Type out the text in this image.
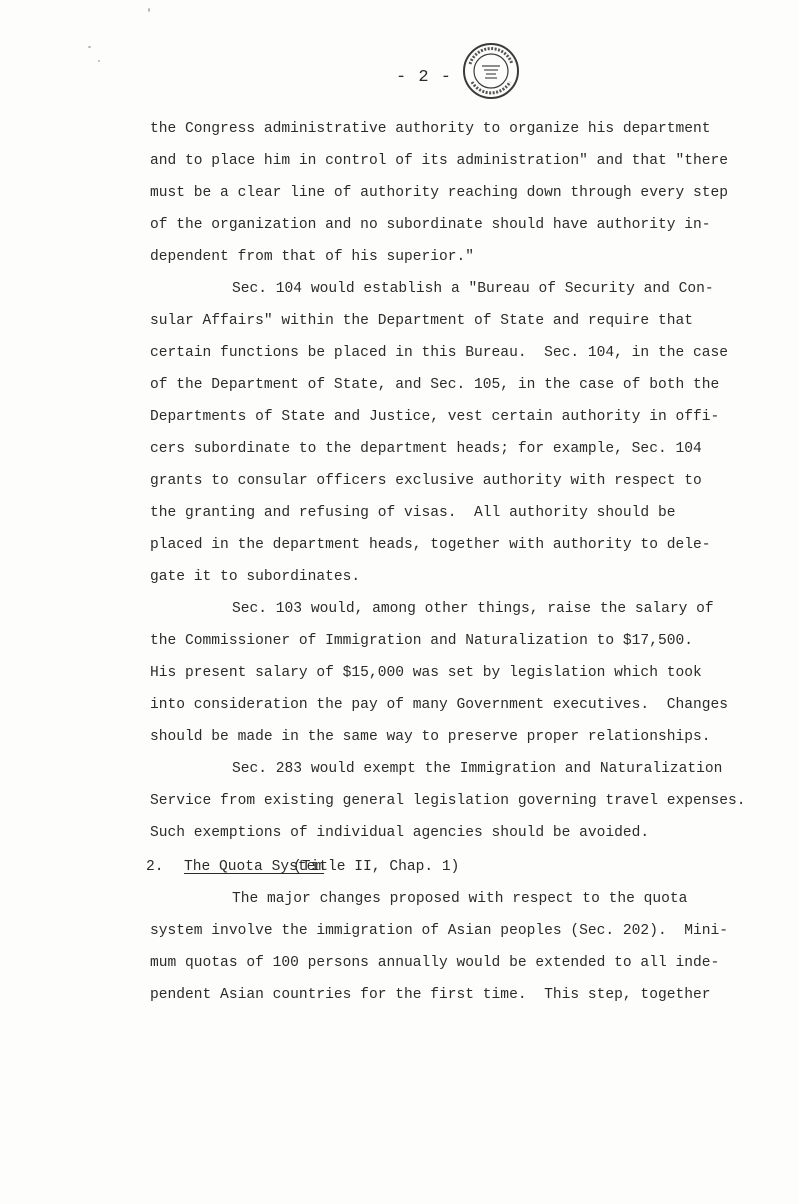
- 2 -
the Congress administrative authority to organize his department
and to place him in control of its administration" and that "there
must be a clear line of authority reaching down through every step
of the organization and no subordinate should have authority in-
dependent from that of his superior."
Sec. 104 would establish a "Bureau of Security and Con-
sular Affairs" within the Department of State and require that
certain functions be placed in this Bureau.  Sec. 104, in the case
of the Department of State, and Sec. 105, in the case of both the
Departments of State and Justice, vest certain authority in offi-
cers subordinate to the department heads; for example, Sec. 104
grants to consular officers exclusive authority with respect to
the granting and refusing of visas.  All authority should be
placed in the department heads, together with authority to dele-
gate it to subordinates.
Sec. 103 would, among other things, raise the salary of
the Commissioner of Immigration and Naturalization to $17,500.
His present salary of $15,000 was set by legislation which took
into consideration the pay of many Government executives.  Changes
should be made in the same way to preserve proper relationships.
Sec. 283 would exempt the Immigration and Naturalization
Service from existing general legislation governing travel expenses.
Such exemptions of individual agencies should be avoided.
2. The Quota System
(Title II, Chap. 1)
The major changes proposed with respect to the quota
system involve the immigration of Asian peoples (Sec. 202).  Mini-
mum quotas of 100 persons annually would be extended to all inde-
pendent Asian countries for the first time.  This step, together
